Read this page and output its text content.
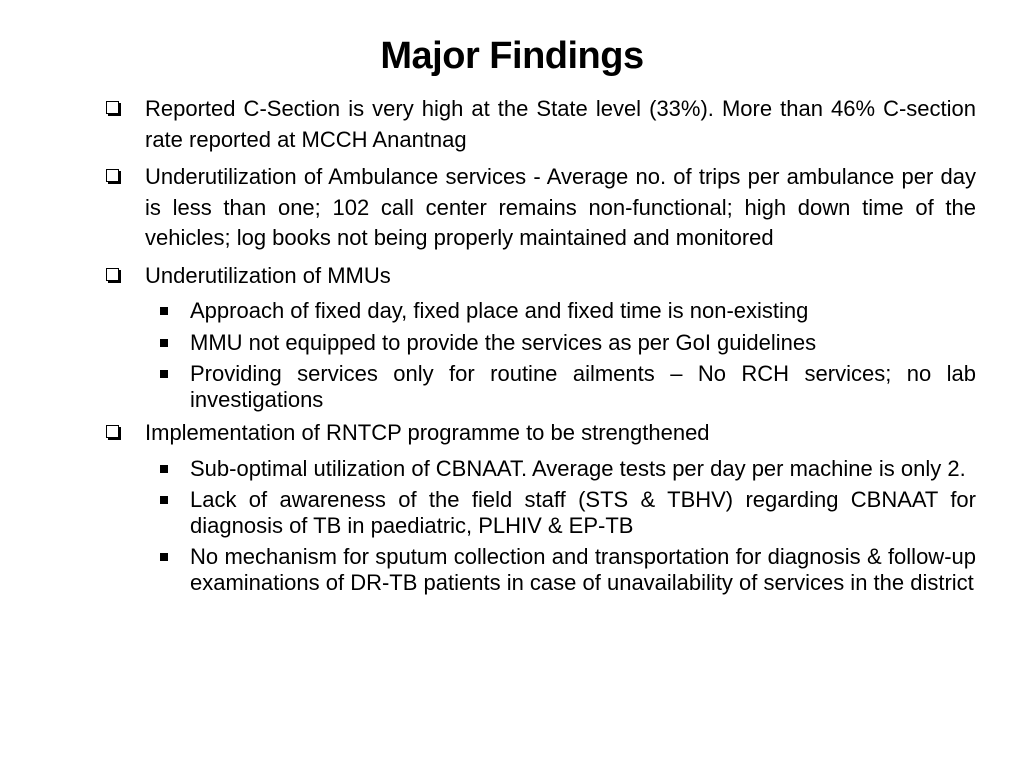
Major Findings
Reported C-Section is very high at the State level (33%). More than 46% C-section rate reported at MCCH Anantnag
Underutilization of Ambulance services - Average no. of trips per ambulance per day is less than one; 102 call center remains non-functional; high down time of the vehicles; log books not being properly maintained and monitored
Underutilization of MMUs
Approach of fixed day, fixed place and fixed time is non-existing
MMU not equipped to provide the services as per GoI guidelines
Providing services only for routine ailments – No RCH services; no lab investigations
Implementation of RNTCP programme to be strengthened
Sub-optimal utilization of CBNAAT. Average tests per day per machine is only 2.
Lack of awareness of the field staff (STS & TBHV) regarding CBNAAT for diagnosis of TB in paediatric, PLHIV & EP-TB
No mechanism for sputum collection and transportation for diagnosis & follow-up examinations of DR-TB patients in case of unavailability of services in the district
